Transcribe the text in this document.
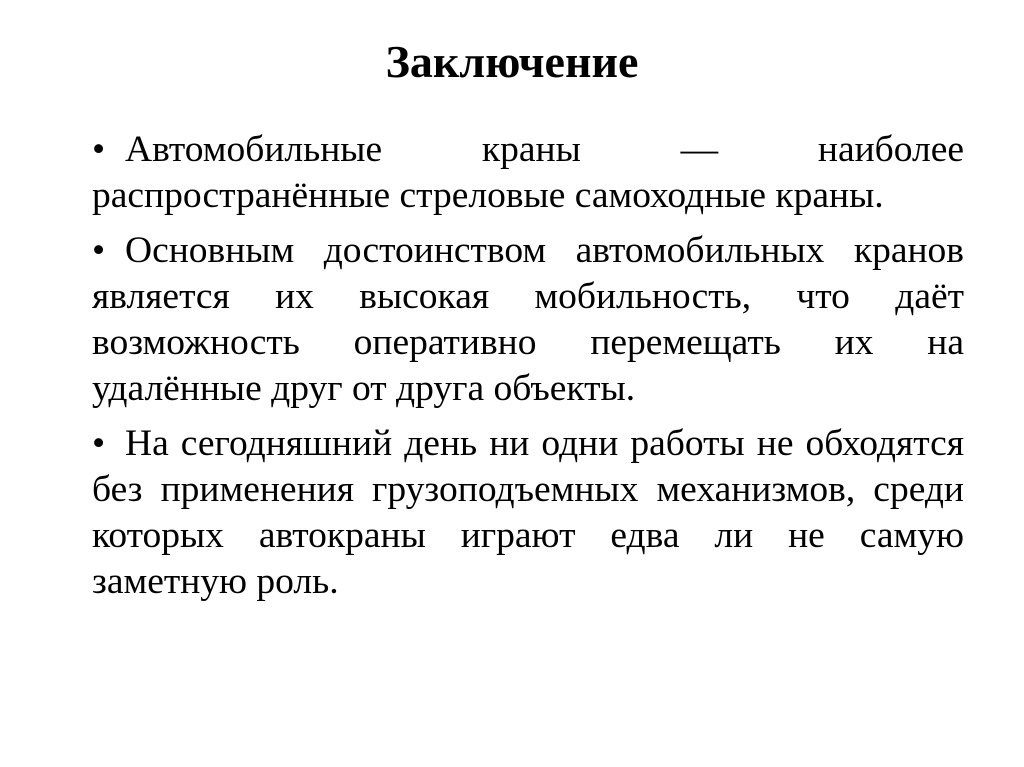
Заключение
• Автомобильные краны — наиболее распространённые стреловые самоходные краны.
• Основным достоинством автомобильных кранов является их высокая мобильность, что даёт возможность оперативно перемещать их на удалённые друг от друга объекты.
• На сегодняшний день ни одни работы не обходятся без применения грузоподъемных механизмов, среди которых автокраны играют едва ли не самую заметную роль.
